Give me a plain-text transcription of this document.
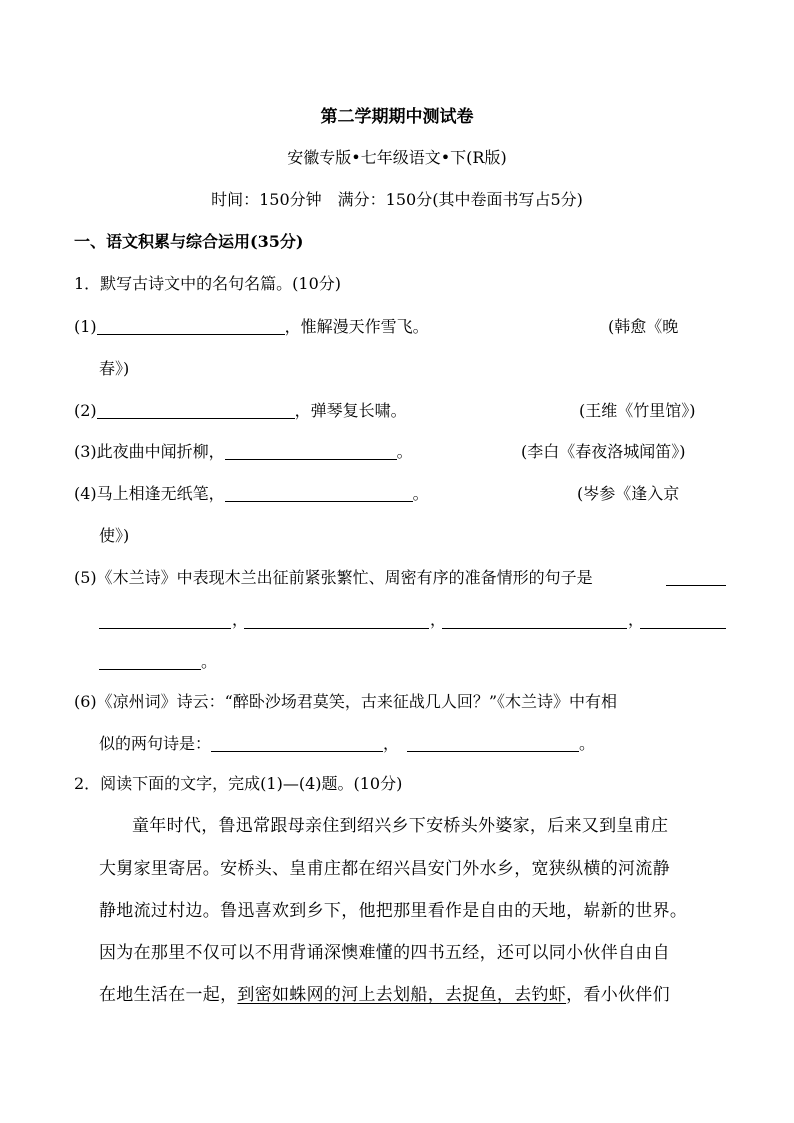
第二学期期中测试卷
安徽专版•七年级语文•下(R版)
时间：150分钟　满分：150分(其中卷面书写占5分)
一、语文积累与综合运用(35分)
1．默写古诗文中的名句名篇。(10分)
(1)	，惟解漫天作雪飞。	(韩愈《晚
春》)
(2)	，弹琴复长啸。	(王维《竹里馆》)
(3)此夜曲中闻折柳，	。	(李白《春夜洛城闻笛》)
(4)马上相逢无纸笔，	。	(岑参《逢入京
使》)
(5)《木兰诗》中表现木兰出征前紧张繁忙、周密有序的准备情形的句子是
，	，	，
。
(6)《凉州词》诗云：“醉卧沙场君莫笑，古来征战几人回？”《木兰诗》中有相
似的两句诗是：	，	。
2．阅读下面的文字，完成(1)—(4)题。(10分)
童年时代，鲁迅常跟母亲住到绍兴乡下安桥头外婆家，后来又到皇甫庄
大舅家里寄居。安桥头、皇甫庄都在绍兴昌安门外水乡，宽狭纵横的河流静
静地流过村边。鲁迅喜欢到乡下，他把那里看作是自由的天地，崭新的世界。
因为在那里不仅可以不用背诵深懊难懂的四书五经，还可以同小伙伴自由自
在地生活在一起，到密如蛛网的河上去划船，去捉鱼，去钓虾，看小伙伴们
